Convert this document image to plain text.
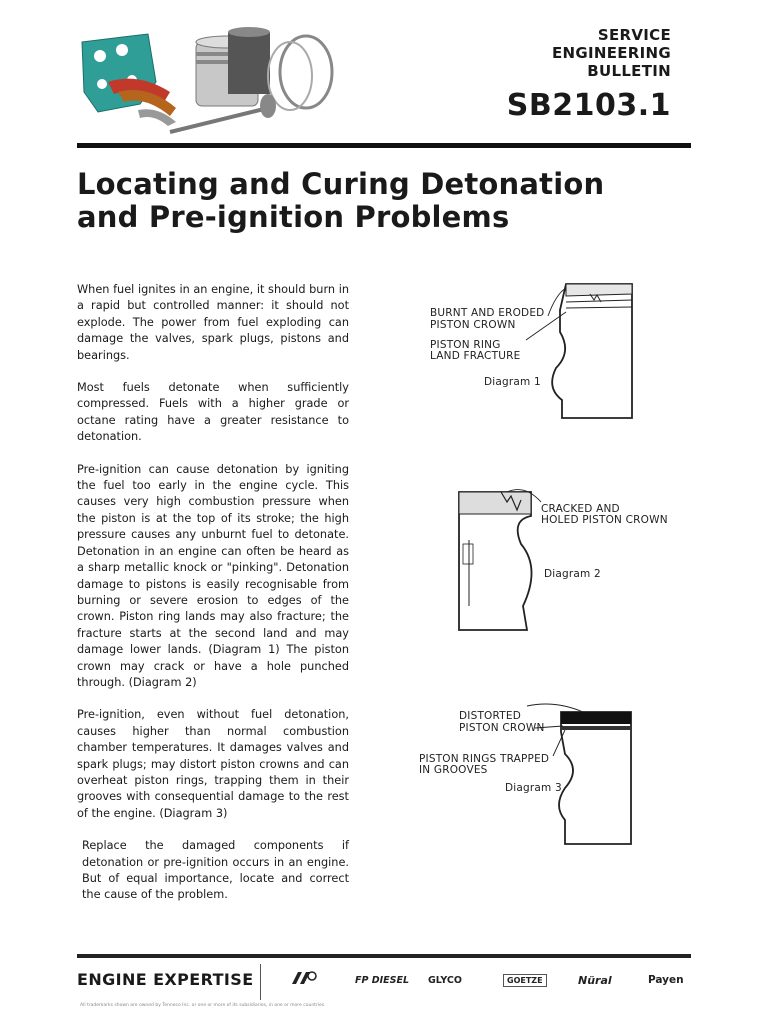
SERVICE
ENGINEERING
BULLETIN
SB2103.1
Locating and Curing Detonation
and Pre-ignition Problems

When fuel ignites in an engine, it should burn in a rapid but controlled manner: it should not explode. The power from fuel exploding can damage the valves, spark plugs, pistons and bearings.

Most fuels detonate when sufficiently compressed. Fuels with a higher grade or octane rating have a greater resistance to detonation.

Pre-ignition can cause detonation by igniting the fuel too early in the engine cycle. This causes very high combustion pressure when the piston is at the top of its stroke; the high pressure causes any unburnt fuel to detonate. Detonation in an engine can often be heard as a sharp metallic knock or "pinking". Detonation damage to pistons is easily recognisable from burning or severe erosion to edges of the crown. Piston ring lands may also fracture; the fracture starts at the second land and may damage lower lands. (Diagram 1) The piston crown may crack or have a hole punched through. (Diagram 2)

Pre-ignition, even without fuel detonation, causes higher than normal combustion chamber temperatures. It damages valves and spark plugs; may distort piston crowns and can overheat piston rings, trapping them in their grooves with consequential damage to the rest of the engine. (Diagram 3)

Replace the damaged components if detonation or pre-ignition occurs in an engine. But of equal importance, locate and correct the cause of the problem.

BURNT AND ERODED
PISTON CROWN
PISTON RING
LAND FRACTURE
Diagram 1
CRACKED AND
HOLED PISTON CROWN
Diagram 2
DISTORTED
PISTON CROWN
PISTON RINGS TRAPPED
IN GROOVES
Diagram 3
ENGINE EXPERTISE	FP DIESEL GLYCO	GOETZE	Nüral	Payen
All trademarks shown are owned by Tenneco Inc. or one or more of its subsidiaries, in one or more countries.
